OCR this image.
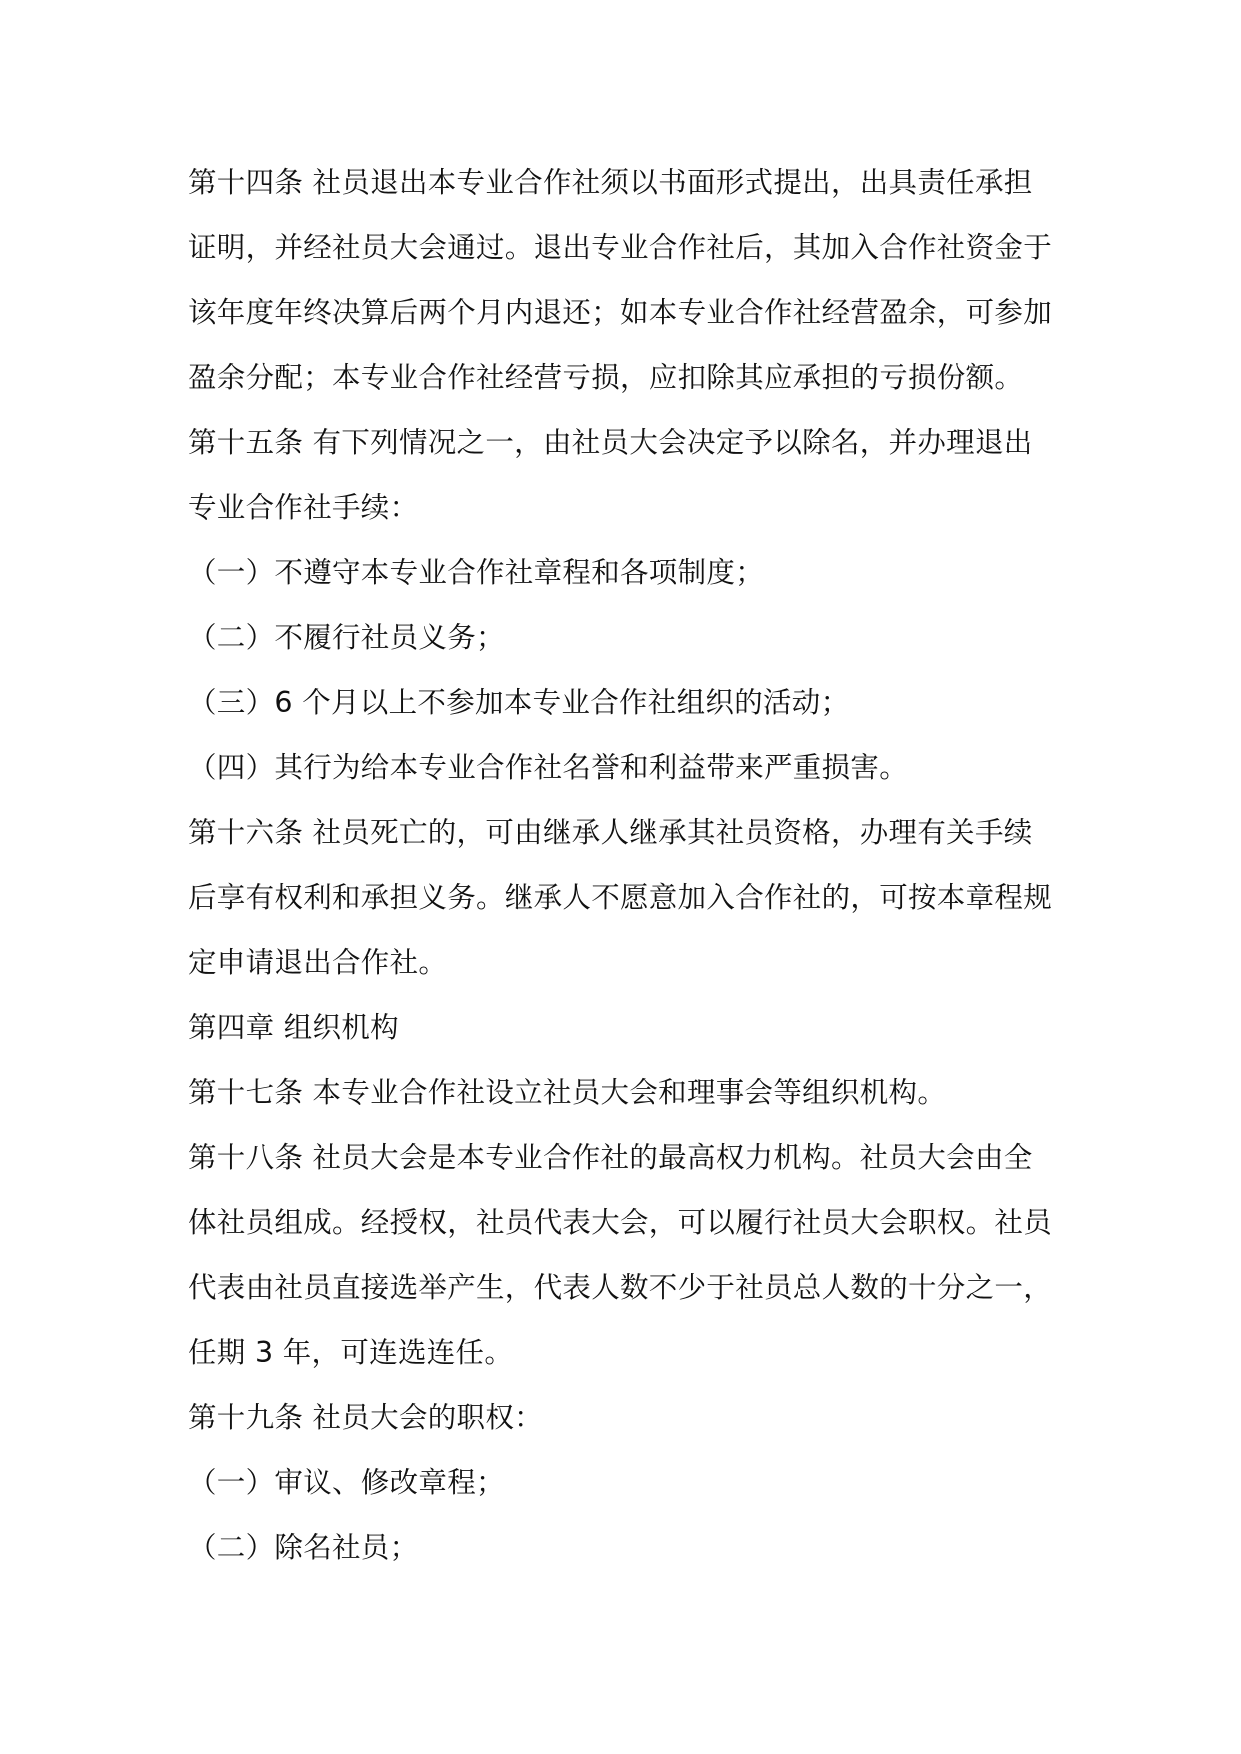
第十四条 社员退出本专业合作社须以书面形式提出，出具责任承担
证明，并经社员大会通过。退出专业合作社后，其加入合作社资金于
该年度年终决算后两个月内退还；如本专业合作社经营盈余，可参加
盈余分配；本专业合作社经营亏损，应扣除其应承担的亏损份额。
第十五条 有下列情况之一，由社员大会决定予以除名，并办理退出
专业合作社手续：
（一）不遵守本专业合作社章程和各项制度；
（二）不履行社员义务；
（三）6 个月以上不参加本专业合作社组织的活动；
（四）其行为给本专业合作社名誉和利益带来严重损害。
第十六条 社员死亡的，可由继承人继承其社员资格，办理有关手续
后享有权利和承担义务。继承人不愿意加入合作社的，可按本章程规
定申请退出合作社。
第四章 组织机构
第十七条 本专业合作社设立社员大会和理事会等组织机构。
第十八条 社员大会是本专业合作社的最高权力机构。社员大会由全
体社员组成。经授权，社员代表大会，可以履行社员大会职权。社员
代表由社员直接选举产生，代表人数不少于社员总人数的十分之一，
任期 3 年，可连选连任。
第十九条 社员大会的职权：
（一）审议、修改章程；
（二）除名社员；
